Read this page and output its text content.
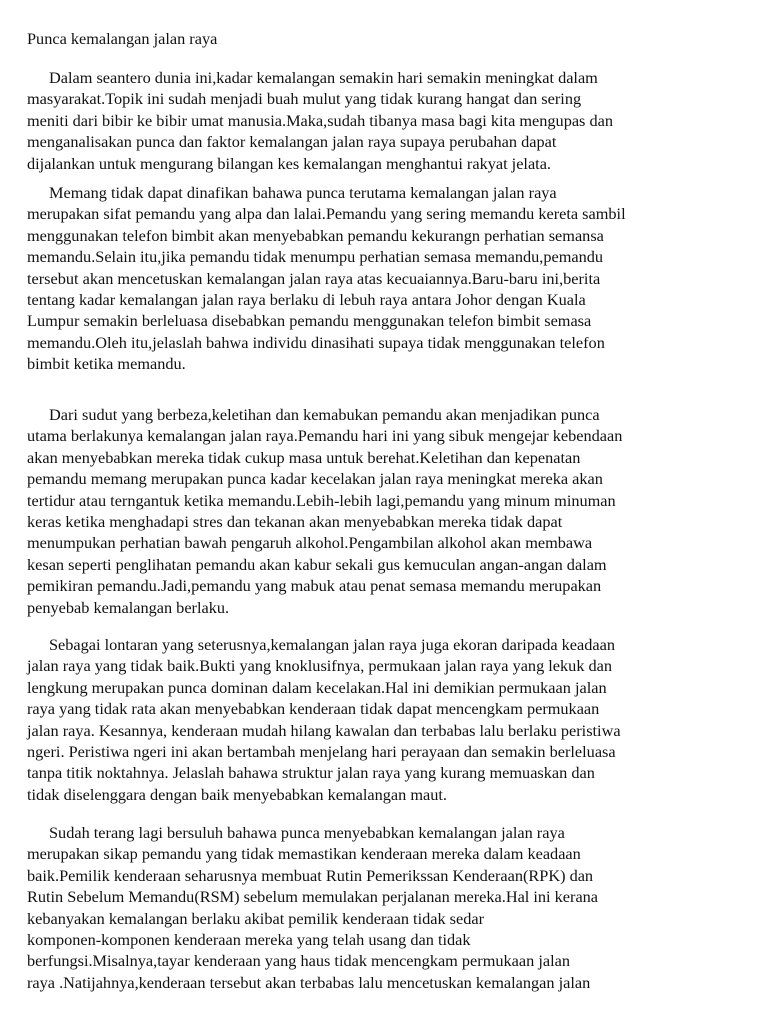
Punca kemalangan jalan raya
Dalam seantero dunia ini,kadar kemalangan semakin hari semakin meningkat dalam
masyarakat.Topik ini sudah menjadi buah mulut yang tidak kurang hangat dan sering
meniti dari bibir ke bibir umat manusia.Maka,sudah tibanya masa bagi kita mengupas dan
menganalisakan punca dan faktor kemalangan jalan raya supaya perubahan dapat
dijalankan untuk mengurang bilangan kes kemalangan menghantui rakyat jelata.
Memang tidak dapat dinafikan bahawa punca terutama kemalangan jalan raya
merupakan sifat pemandu yang alpa dan lalai.Pemandu yang sering memandu kereta sambil
menggunakan telefon bimbit akan menyebabkan pemandu kekurangn perhatian semansa
memandu.Selain itu,jika pemandu tidak menumpu perhatian semasa memandu,pemandu
tersebut akan mencetuskan kemalangan jalan raya atas kecuaiannya.Baru-baru ini,berita
tentang kadar kemalangan jalan raya berlaku di lebuh raya antara Johor dengan Kuala
Lumpur semakin berleluasa disebabkan pemandu menggunakan telefon bimbit semasa
memandu.Oleh itu,jelaslah bahwa individu dinasihati supaya tidak menggunakan telefon
bimbit ketika memandu.
Dari sudut yang berbeza,keletihan dan kemabukan pemandu akan menjadikan punca
utama berlakunya kemalangan jalan raya.Pemandu hari ini yang sibuk mengejar kebendaan
akan menyebabkan mereka tidak cukup masa untuk berehat.Keletihan dan kepenatan
pemandu memang merupakan punca kadar kecelakan jalan raya meningkat mereka akan
tertidur atau terngantuk ketika memandu.Lebih-lebih lagi,pemandu yang minum minuman
keras ketika menghadapi stres dan tekanan akan menyebabkan mereka tidak dapat
menumpukan perhatian bawah pengaruh alkohol.Pengambilan alkohol akan membawa
kesan seperti penglihatan pemandu akan kabur sekali gus kemuculan angan-angan dalam
pemikiran pemandu.Jadi,pemandu yang mabuk atau penat semasa memandu merupakan
penyebab kemalangan berlaku.
Sebagai lontaran yang seterusnya,kemalangan jalan raya juga ekoran daripada keadaan
jalan raya yang tidak baik.Bukti yang knoklusifnya, permukaan jalan raya yang lekuk dan
lengkung merupakan punca dominan dalam kecelakan.Hal ini demikian permukaan jalan
raya yang tidak rata akan menyebabkan kenderaan tidak dapat mencengkam permukaan
jalan raya. Kesannya, kenderaan mudah hilang kawalan dan terbabas lalu berlaku peristiwa
ngeri. Peristiwa ngeri ini akan bertambah menjelang hari perayaan dan semakin berleluasa
tanpa titik noktahnya. Jelaslah bahawa struktur jalan raya yang kurang memuaskan dan
tidak diselenggara dengan baik menyebabkan kemalangan maut.
Sudah terang lagi bersuluh bahawa punca menyebabkan kemalangan jalan raya
merupakan sikap pemandu yang tidak memastikan kenderaan mereka dalam keadaan
baik.Pemilik kenderaan seharusnya membuat Rutin Pemerikssan Kenderaan(RPK) dan
Rutin Sebelum Memandu(RSM) sebelum memulakan perjalanan mereka.Hal ini kerana
kebanyakan kemalangan berlaku akibat pemilik kenderaan tidak sedar
komponen-komponen kenderaan mereka yang telah usang dan tidak
berfungsi.Misalnya,tayar kenderaan yang haus tidak mencengkam permukaan jalan
raya .Natijahnya,kenderaan tersebut akan terbabas lalu mencetuskan kemalangan jalan
